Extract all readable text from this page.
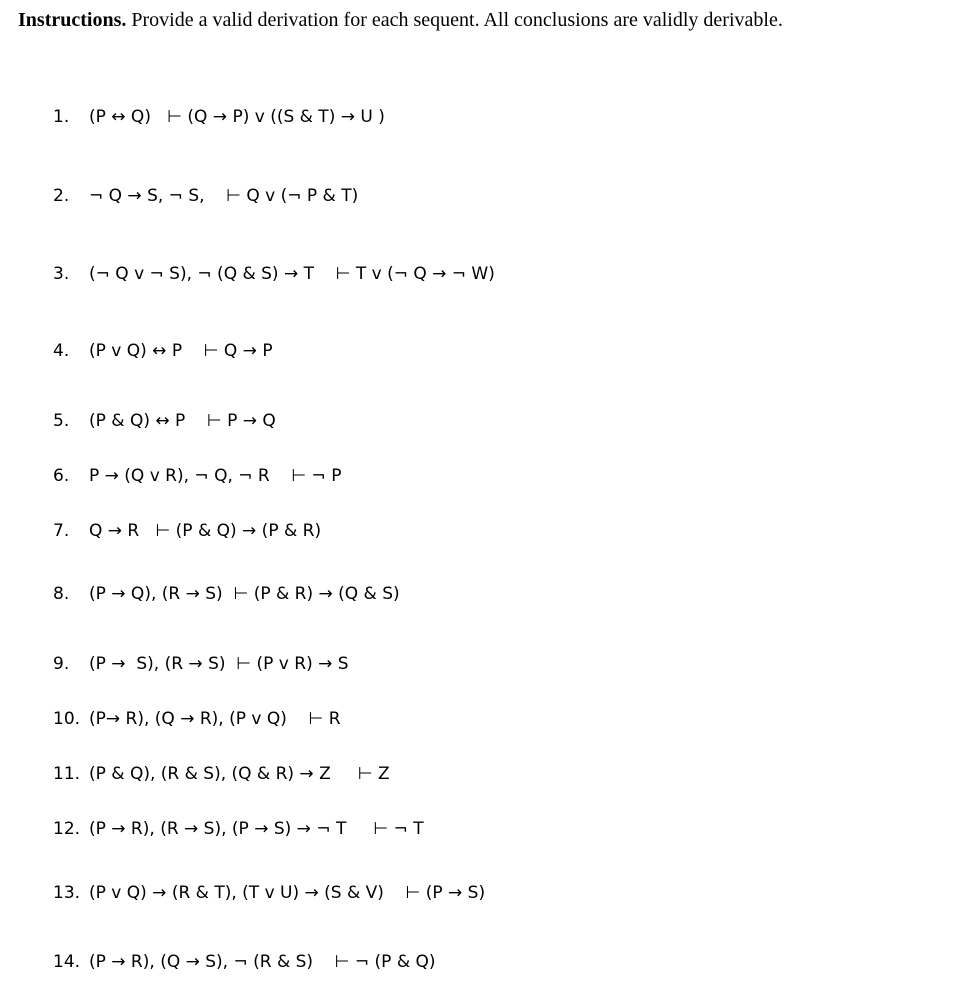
Instructions. Provide a valid derivation for each sequent. All conclusions are validly derivable.
1. (P ↔ Q)   ⊢ (Q → P) v ((S & T) → U )
2. ¬ Q → S, ¬ S,    ⊢ Q v (¬ P & T)
3. (¬ Q v ¬ S), ¬ (Q & S) → T    ⊢ T v (¬ Q → ¬ W)
4. (P v Q) ↔ P    ⊢ Q → P
5. (P & Q) ↔ P    ⊢ P → Q
6. P → (Q v R), ¬ Q, ¬ R    ⊢ ¬ P
7. Q → R   ⊢ (P & Q) → (P & R)
8. (P → Q), (R → S)  ⊢ (P & R) → (Q & S)
9. (P →  S), (R → S)  ⊢ (P v R) → S
10. (P→ R), (Q → R), (P v Q)    ⊢ R
11. (P & Q), (R & S), (Q & R) → Z     ⊢ Z
12. (P → R), (R → S), (P → S) → ¬ T     ⊢ ¬ T
13. (P v Q) → (R & T), (T v U) → (S & V)    ⊢ (P → S)
14. (P → R), (Q → S), ¬ (R & S)    ⊢ ¬ (P & Q)
